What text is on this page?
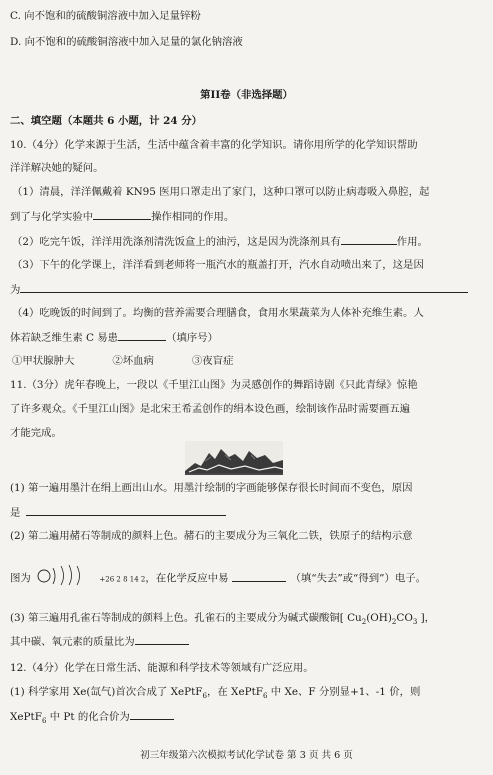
C. 向不饱和的硫酸铜溶液中加入足量锌粉
D. 向不饱和的硫酸铜溶液中加入足量的氯化钠溶液
第II卷（非选择题）
二、填空题（本题共 6 小题，计 24 分）
10.（4分）化学来源于生活，生活中蕴含着丰富的化学知识。请你用所学的化学知识帮助
洋洋解决她的疑问。
（1）清晨，洋洋佩戴着 KN95 医用口罩走出了家门，这种口罩可以防止病毒吸入鼻腔，起
到了与化学实验中	操作相同的作用。
（2）吃完午饭，洋洋用洗涤剂清洗饭盒上的油污，这是因为洗涤剂具有	作用。
（3）下午的化学课上，洋洋看到老师将一瓶汽水的瓶盖打开，汽水自动喷出来了，这是因
为
（4）吃晚饭的时间到了。均衡的营养需要合理膳食，食用水果蔬菜为人体补充维生素。人
体若缺乏维生素 C 易患	（填序号）
①甲状腺肿大	②坏血病	③夜盲症
11.（3分）虎年春晚上，一段以《千里江山图》为灵感创作的舞蹈诗剧《只此青绿》惊艳
了许多观众。《千里江山图》是北宋王希孟创作的绢本设色画，绘制该作品时需要画五遍
才能完成。
(1) 第一遍用墨汁在绢上画出山水。用墨汁绘制的字画能够保存很长时间而不变色，原因
是
(2) 第二遍用赭石等制成的颜料上色。赭石的主要成分为三氧化二铁，铁原子的结构示意
图为	+26 2 8 14 2，在化学反应中易	（填“失去”或“得到”）电子。
(3) 第三遍用孔雀石等制成的颜料上色。孔雀石的主要成分为碱式碳酸铜[ $Cu_2(OH)_2CO_3$ ]，
其中碳、氧元素的质量比为
12.（4分）化学在日常生活、能源和科学技术等领域有广泛应用。
(1) 科学家用 Xe(氙气)首次合成了 XePtF$_6$，在 XePtF$_6$ 中 Xe、F 分别显+1、-1 价，则
XePtF$_6$ 中 Pt 的化合价为
初三年级第六次模拟考试化学试卷 第 3 页 共 6 页
